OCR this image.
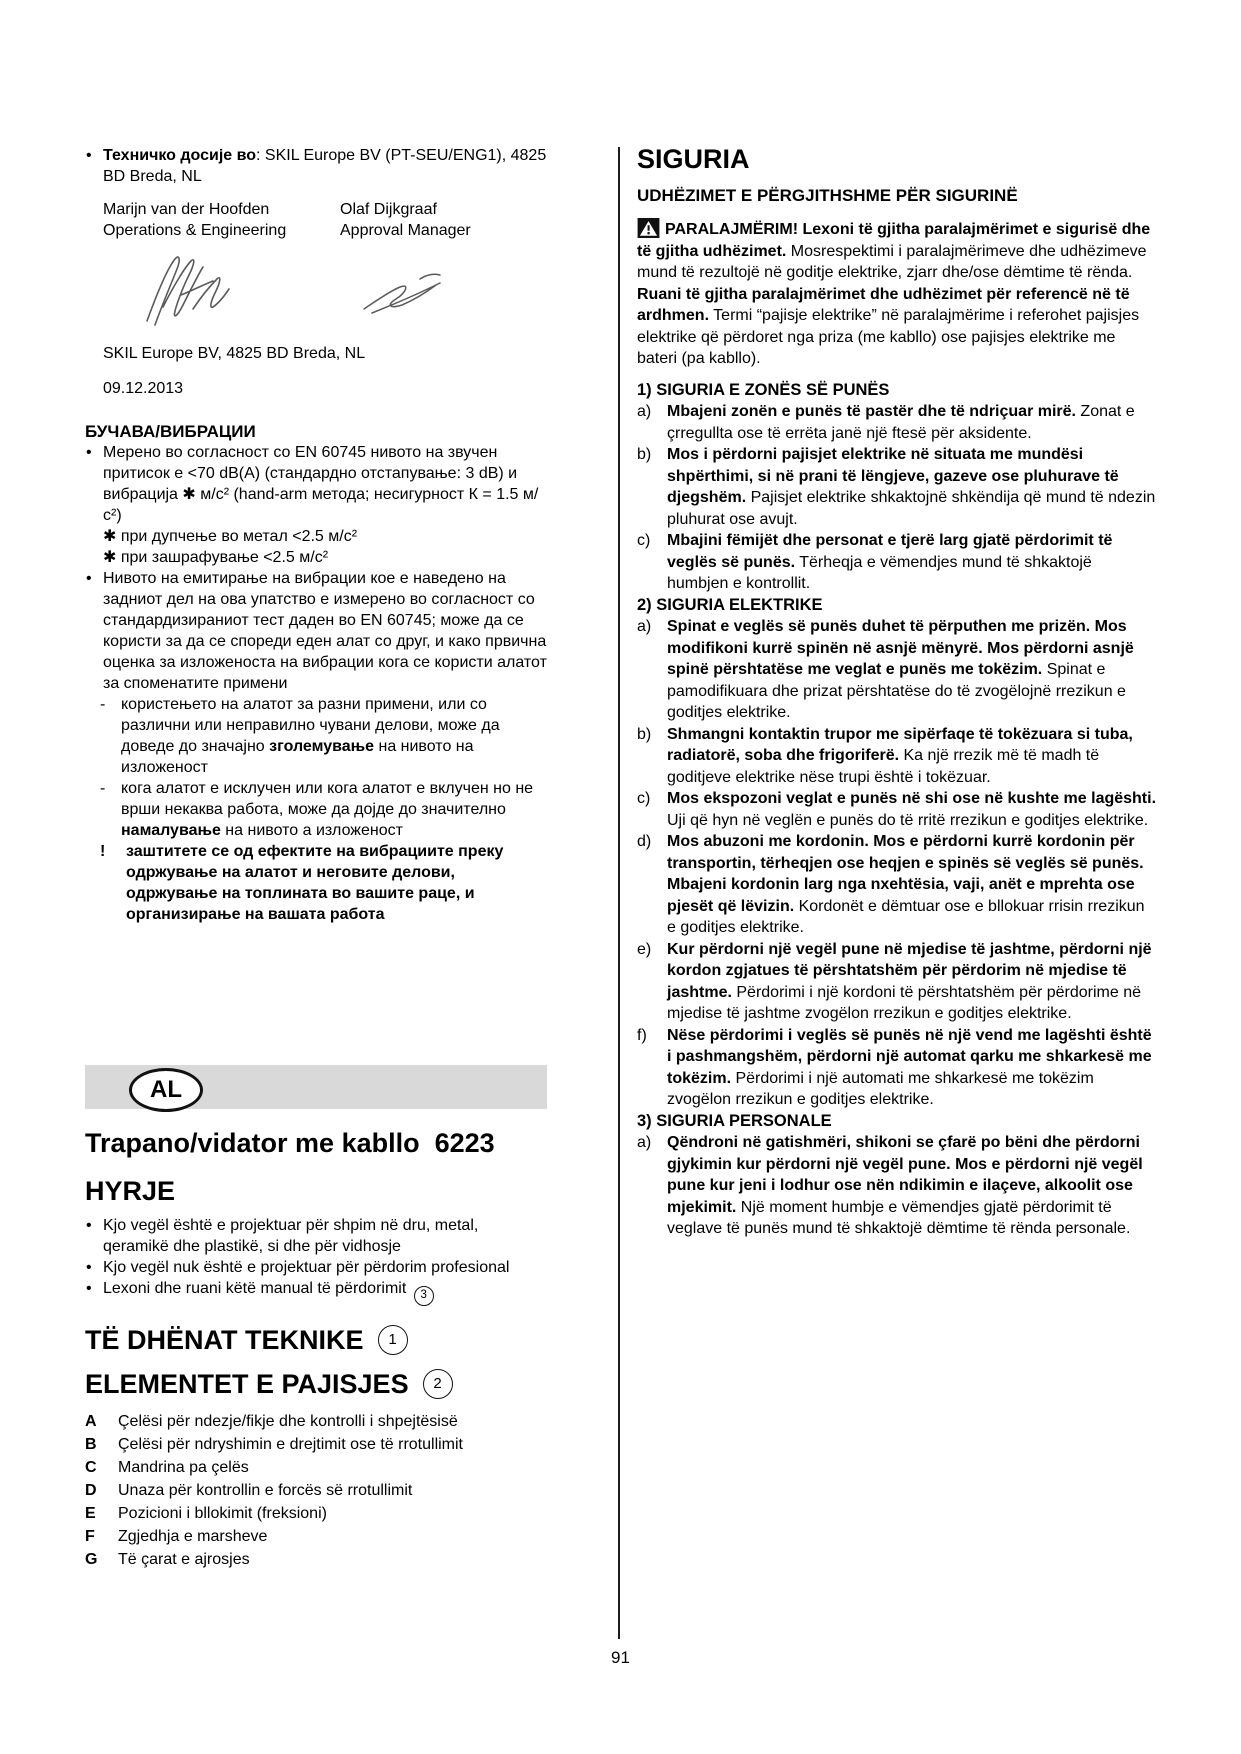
• Техничко досије во: SKIL Europe BV (PT-SEU/ENG1), 4825 BD Breda, NL
Marijn van der Hoofden
Operations & Engineering
Olaf Dijkgraaf
Approval Manager
SKIL Europe BV, 4825 BD Breda, NL
09.12.2013
БУЧАВА/ВИБРАЦИИ
• Мерено во согласност со EN 60745 нивото на звучен притисок е <70 dB(A) (стандардно отстапување: 3 dB) и вибрација ✱ м/с² (hand-arm метода; несигурност К = 1.5 м/с²)
✱ при дупчење во метал <2.5 м/с²
✱ при зашрафување <2.5 м/с²
• Нивото на емитирање на вибрации кое е наведено на задниот дел на ова упатство е измерено во согласност со стандардизираниот тест даден во EN 60745; може да се користи за да се спореди еден алат со друг, и како првична оценка за изложеноста на вибрации кога се користи алатот за споменатите примени
- користењето на алатот за разни примени, или со различни или неправилно чувани делови, може да доведе до значајно зголемување на нивото на изложеност
- кога алатот е исклучен или кога алатот е вклучен но не врши некаква работа, може да дојде до значително намалување на нивото а изложеност
! заштитете се од ефектите на вибрациите преку одржување на алатот и неговите делови, одржување на топлината во вашите раце, и организирање на вашата работа
AL
Trapano/vidator me kabllo  6223
HYRJE
• Kjo vegël është e projektuar për shpim në dru, metal, qeramikë dhe plastikë, si dhe për vidhosje
• Kjo vegël nuk është e projektuar për përdorim profesional
• Lexoni dhe ruani këtë manual të përdorimit 3
TË DHËNAT TEKNIKE	1
ELEMENTET E PAJISJES	2
A Çelësi për ndezje/fikje dhe kontrolli i shpejtësisë
B Çelësi për ndryshimin e drejtimit ose të rrotullimit
C Mandrina pa çelës
D Unaza për kontrollin e forcës së rrotullimit
E Pozicioni i bllokimit (freksioni)
F Zgjedhja e marsheve
G Të çarat e ajrosjes
SIGURIA
UDHËZIMET E PËRGJITHSHME PËR SIGURINË
PARALAJMËRIM! Lexoni të gjitha paralajmërimet e sigurisë dhe të gjitha udhëzimet. Mosrespektimi i paralajmërimeve dhe udhëzimeve mund të rezultojë në goditje elektrike, zjarr dhe/ose dëmtime të rënda. Ruani të gjitha paralajmërimet dhe udhëzimet për referencë në të ardhmen. Termi “pajisje elektrike” në paralajmërime i referohet pajisjes elektrike që përdoret nga priza (me kabllo) ose pajisjes elektrike me bateri (pa kabllo).
1) SIGURIA E ZONËS SË PUNËS
a) Mbajeni zonën e punës të pastër dhe të ndriçuar mirë. Zonat e çrregullta ose të errëta janë një ftesë për aksidente.
b) Mos i përdorni pajisjet elektrike në situata me mundësi shpërthimi, si në prani të lëngjeve, gazeve ose pluhurave të djegshëm. Pajisjet elektrike shkaktojnë shkëndija që mund të ndezin pluhurat ose avujt.
c) Mbajini fëmijët dhe personat e tjerë larg gjatë përdorimit të veglës së punës. Tërheqja e vëmendjes mund të shkaktojë humbjen e kontrollit.
2) SIGURIA ELEKTRIKE
a) Spinat e veglës së punës duhet të përputhen me prizën. Mos modifikoni kurrë spinën në asnjë mënyrë. Mos përdorni asnjë spinë përshtatëse me veglat e punës me tokëzim. Spinat e pamodifikuara dhe prizat përshtatëse do të zvogëlojnë rrezikun e goditjes elektrike.
b) Shmangni kontaktin trupor me sipërfaqe të tokëzuara si tuba, radiatorë, soba dhe frigoriferë. Ka një rrezik më të madh të goditjeve elektrike nëse trupi është i tokëzuar.
c) Mos ekspozoni veglat e punës në shi ose në kushte me lagështi. Uji që hyn në veglën e punës do të rritë rrezikun e goditjes elektrike.
d) Mos abuzoni me kordonin. Mos e përdorni kurrë kordonin për transportin, tërheqjen ose heqjen e spinës së veglës së punës. Mbajeni kordonin larg nga nxehtësia, vaji, anët e mprehta ose pjesët që lëvizin. Kordonët e dëmtuar ose e bllokuar rrisin rrezikun e goditjes elektrike.
e) Kur përdorni një vegël pune në mjedise të jashtme, përdorni një kordon zgjatues të përshtatshëm për përdorim në mjedise të jashtme. Përdorimi i një kordoni të përshtatshëm për përdorime në mjedise të jashtme zvogëlon rrezikun e goditjes elektrike.
f) Nëse përdorimi i veglës së punës në një vend me lagështi është i pashmangshëm, përdorni një automat qarku me shkarkesë me tokëzim. Përdorimi i një automati me shkarkesë me tokëzim zvogëlon rrezikun e goditjes elektrike.
3) SIGURIA PERSONALE
a) Qëndroni në gatishmëri, shikoni se çfarë po bëni dhe përdorni gjykimin kur përdorni një vegël pune. Mos e përdorni një vegël pune kur jeni i lodhur ose nën ndikimin e ilaçeve, alkoolit ose mjekimit. Një moment humbje e vëmendjes gjatë përdorimit të veglave të punës mund të shkaktojë dëmtime të rënda personale.
91
